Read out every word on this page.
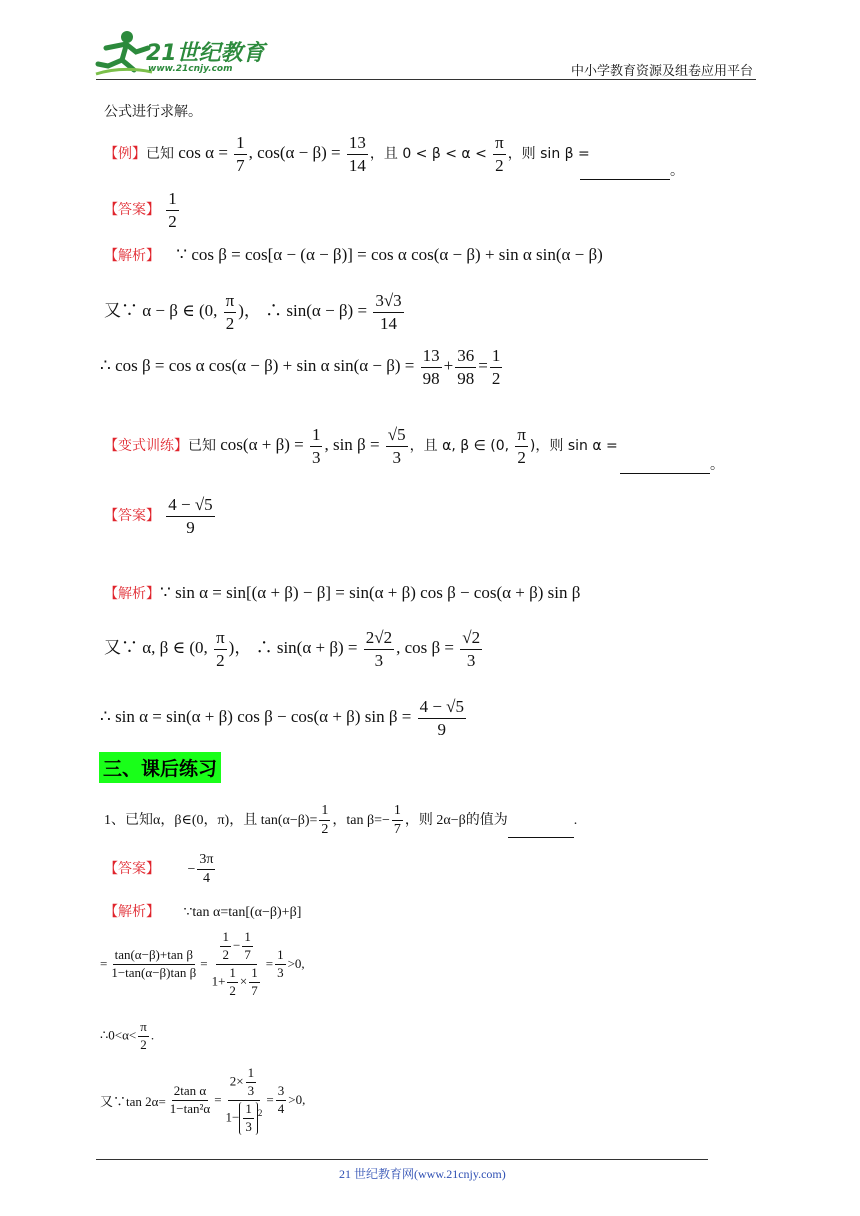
21世纪教育
www.21cnjy.com	中小学教育资源及组卷应用平台
公式进行求解。
【例】已知 $\cos \alpha = \frac{1}{7}$ , $\cos(\alpha - \beta) = \frac{13}{14}$ ，且 $0 < \beta < \alpha < \frac{\pi}{2}$ ，则 sin β =
。
【答案】 $\frac{1}{2}$
【解析】 ∵ cos β = cos[α − (α − β)] = cos α cos(α − β) + sin α sin(α − β)
又∵ α − β ∈ (0, $\frac{\pi}{2}$ )， ∴ $\sin(\alpha - \beta) = \frac{3√3}{14}$
∴ cos β = cos α cos(α − β) + sin α $\sin(\alpha - \beta) = \frac{13}{98} + \frac{36}{98} = \frac{1}{2}$
【变式训练】已知 $\cos(\alpha + \beta) = \frac{1}{3}$ , $\sin \beta = \frac{√5}{3}$ ，且 α, β ∈ (0, $\frac{\pi}{2}$ )，则 sin α =
。
【答案】 $\frac{4 - √5}{9}$
【解析】∵ sin α = sin[(α + β) − β] = sin(α + β) cos β − cos(α + β) sin β
又∵ α, β ∈ (0, $\frac{\pi}{2}$ )， ∴ $\sin(\alpha + \beta) = \frac{2√2}{3}$ , $\cos \beta = \frac{√2}{3}$
∴ sin α = sin(α + β) cos β − cos(α + β) $\sin \beta = \frac{4 - √5}{9}$
三、课后练习
1、已知α，β∈(0，π)，且 $\tan(\alpha-\beta)= \frac{1}{2}$ ，$\tan \beta=- \frac{1}{7}$ ，则 2α−β的值为	.
【答案】 − $\frac{3\pi}{4}$
【解析】 ∵tan α=tan[(α−β)+β]
= $\frac{\text{tan(α−β)+tan β}}{\text{1−tan(α−β)tan β}} = \frac{\frac{1}{2} - \frac{1}{7}}{1+ \frac{1}{2} \times \frac{1}{7}} = \frac{1}{3} >0$,
∴0<α< $\frac{\pi}{2}$ .
又∵tan $2\alpha= \frac{\text{2tan α}}{\text{1−tan²α}} = \frac{2\times \frac{1}{3}}{1- \frac{1}{3} ^2} = \frac{3}{4} >0$,
21 世纪教育网(www.21cnjy.com)
